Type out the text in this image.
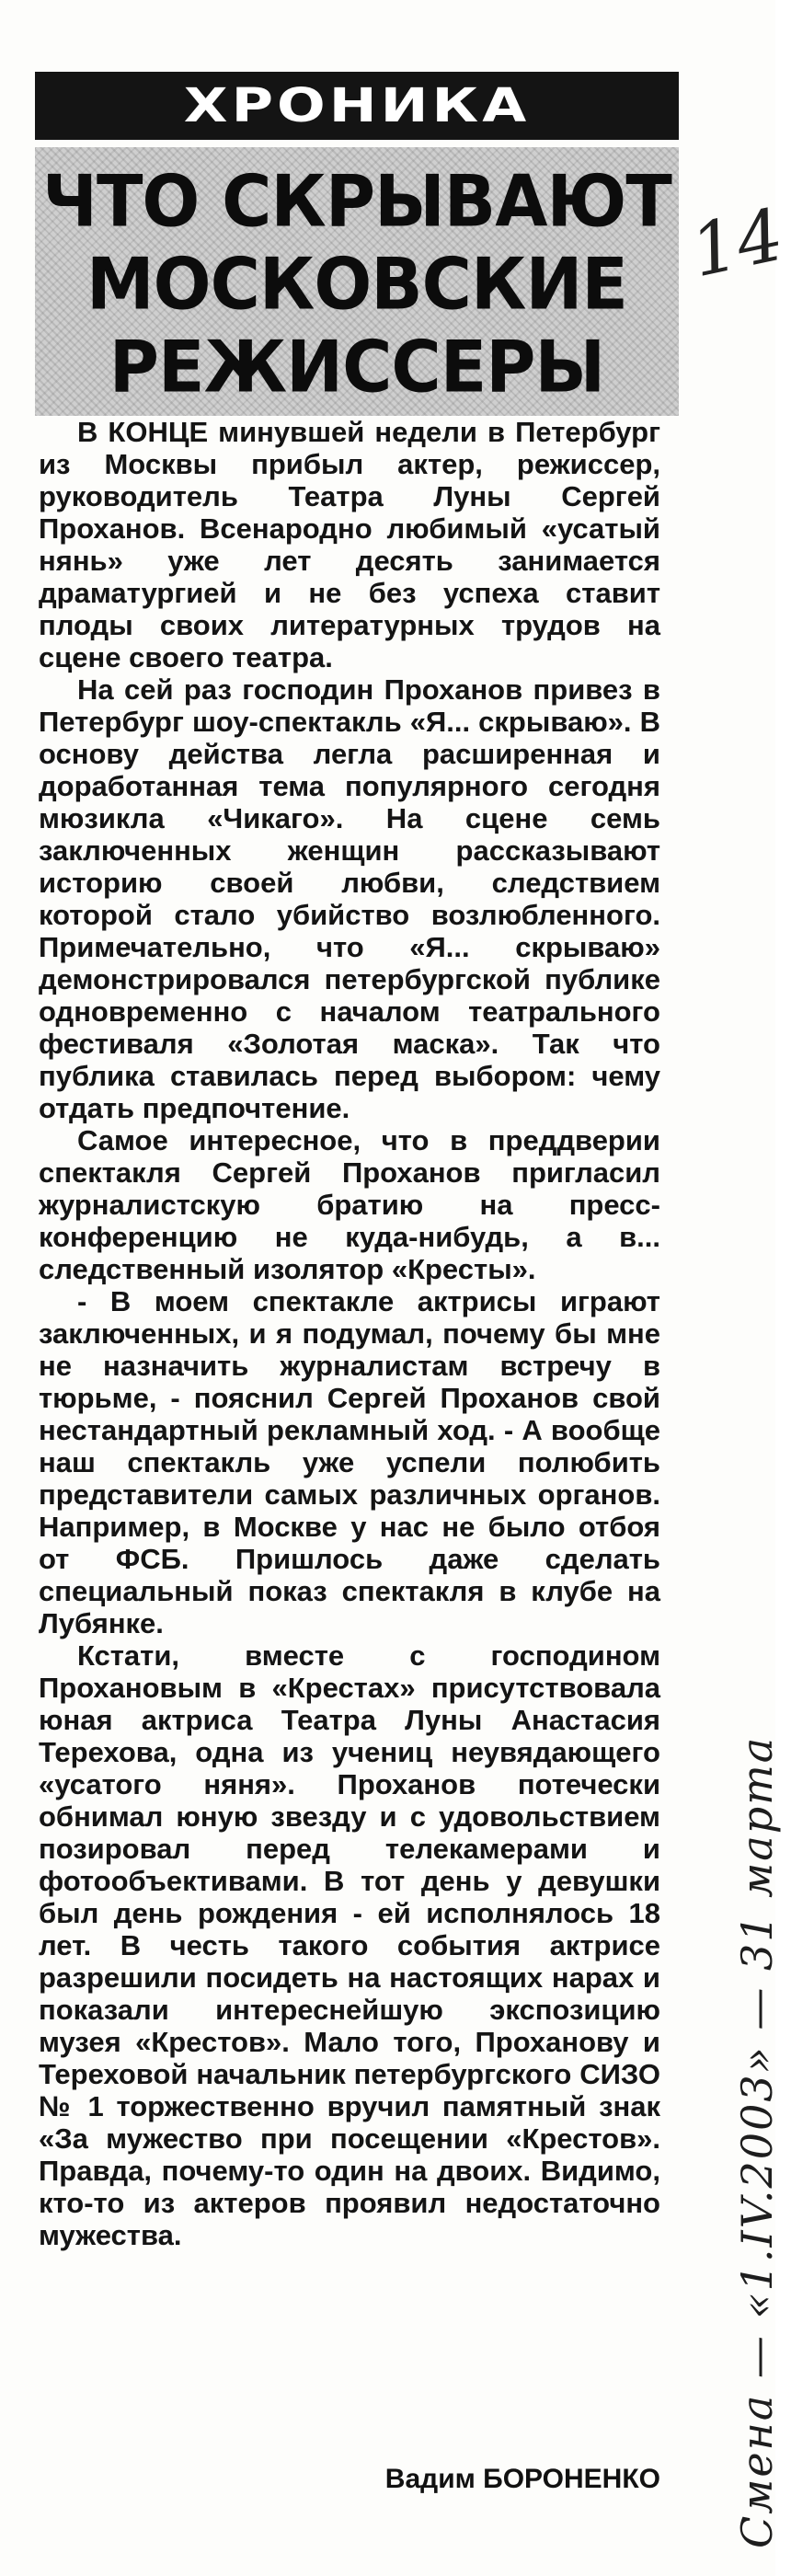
ХРОНИКА
ЧТО СКРЫВАЮТ
МОСКОВСКИЕ
РЕЖИССЕРЫ
14

В КОНЦЕ минувшей недели в Петербург из Москвы прибыл актер, режиссер, руководитель Театра Луны Сергей Проханов. Всенародно любимый «усатый нянь» уже лет десять занимается драматургией и не без успеха ставит плоды своих литературных трудов на сцене своего театра.

На сей раз господин Проханов привез в Петербург шоу-спектакль «Я... скрываю». В основу действа легла расширенная и доработанная тема популярного сегодня мюзикла «Чикаго». На сцене семь заключенных женщин рассказывают историю своей любви, следствием которой стало убийство возлюбленного. Примечательно, что «Я... скрываю» демонстрировался петербургской публике одновременно с началом театрального фестиваля «Золотая маска». Так что публика ставилась перед выбором: чему отдать предпочтение.

Самое интересное, что в преддверии спектакля Сергей Проханов пригласил журналистскую братию на пресс-конференцию не куда-нибудь, а в... следственный изолятор «Кресты».

- В моем спектакле актрисы играют заключенных, и я подумал, почему бы мне не назначить журналистам встречу в тюрьме, - пояснил Сергей Проханов свой нестандартный рекламный ход. - А вообще наш спектакль уже успели полюбить представители самых различных органов. Например, в Москве у нас не было отбоя от ФСБ. Пришлось даже сделать специальный показ спектакля в клубе на Лубянке.

Кстати, вместе с господином Прохановым в «Крестах» присутствовала юная актриса Театра Луны Анастасия Терехова, одна из учениц неувядающего «усатого няня». Проханов потечески обнимал юную звезду и с удовольствием позировал перед телекамерами и фотообъективами. В тот день у девушки был день рождения - ей исполнялось 18 лет. В честь такого события актрисе разрешили посидеть на настоящих нарах и показали интереснейшую экспозицию музея «Крестов». Мало того, Проханову и Тереховой начальник петербургского СИЗО № 1 торжественно вручил памятный знак «За мужество при посещении «Крестов». Правда, почему-то один на двоих. Видимо, кто-то из актеров проявил недостаточно мужества.

Вадим БОРОНЕНКО Смена — «1.IV.2003» — 31 марта
